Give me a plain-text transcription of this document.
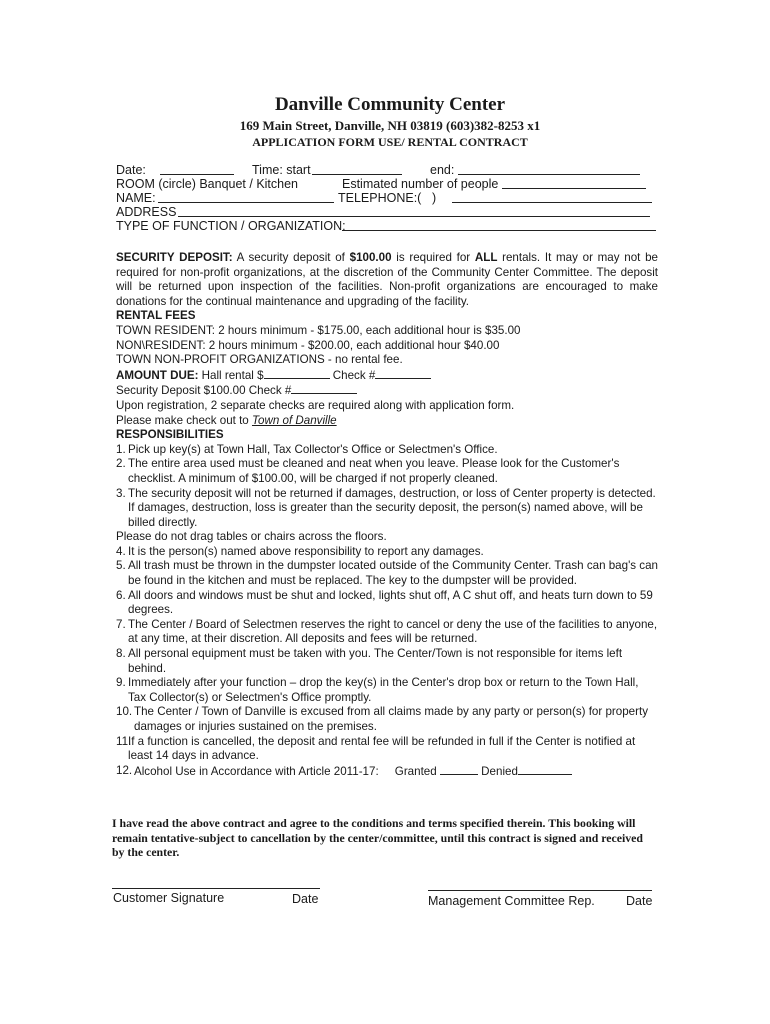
Danville Community Center
169 Main Street, Danville, NH 03819 (603)382-8253 x1
APPLICATION FORM USE/ RENTAL CONTRACT
Date:	Time: start	end:
ROOM (circle) Banquet / Kitchen	Estimated number of people
NAME:	TELEPHONE:( )
ADDRESS
TYPE OF FUNCTION / ORGANIZATION:

SECURITY DEPOSIT: A security deposit of $100.00 is required for ALL rentals. It may or may not be required for non-profit organizations, at the discretion of the Community Center Committee. The deposit will be returned upon inspection of the facilities. Non-profit organizations are encouraged to make donations for the continual maintenance and upgrading of the facility.

RENTAL FEES

TOWN RESIDENT: 2 hours minimum - $175.00, each additional hour is $35.00

NON\RESIDENT: 2 hours minimum - $200.00, each additional hour $40.00

TOWN NON-PROFIT ORGANIZATIONS - no rental fee.

AMOUNT DUE: Hall rental $	Check #

Security Deposit $100.00 Check #

Upon registration, 2 separate checks are required along with application form.

Please make check out to Town of Danville

RESPONSIBILITIES

1. Pick up key(s) at Town Hall, Tax Collector's Office or Selectmen's Office.
2. The entire area used must be cleaned and neat when you leave. Please look for the Customer's checklist. A minimum of $100.00, will be charged if not properly cleaned.
3. The security deposit will not be returned if damages, destruction, or loss of Center property is detected. If damages, destruction, loss is greater than the security deposit, the person(s) named above, will be billed directly.

Please do not drag tables or chairs across the floors.

4. It is the person(s) named above responsibility to report any damages.
5. All trash must be thrown in the dumpster located outside of the Community Center. Trash can bag's can be found in the kitchen and must be replaced. The key to the dumpster will be provided.
6. All doors and windows must be shut and locked, lights shut off, A C shut off, and heats turn down to 59 degrees.
7. The Center / Board of Selectmen reserves the right to cancel or deny the use of the facilities to anyone, at any time, at their discretion. All deposits and fees will be returned.
8. All personal equipment must be taken with you. The Center/Town is not responsible for items left behind.
9. Immediately after your function – drop the key(s) in the Center's drop box or return to the Town Hall, Tax Collector(s) or Selectmen's Office promptly.
10. The Center / Town of Danville is excused from all claims made by any party or person(s) for property damages or injuries sustained on the premises.
11.
If a function is cancelled, the deposit and rental fee will be refunded in full if the Center is notified at least 14 days in advance.
12. Alcohol Use in Accordance with Article 2011-17: Granted	Denied
I have read the above contract and agree to the conditions and terms specified therein. This booking will remain tentative-subject to cancellation by the center/committee, until this contract is signed and received by the center.
Customer Signature	Date	Management Committee Rep.	Date
